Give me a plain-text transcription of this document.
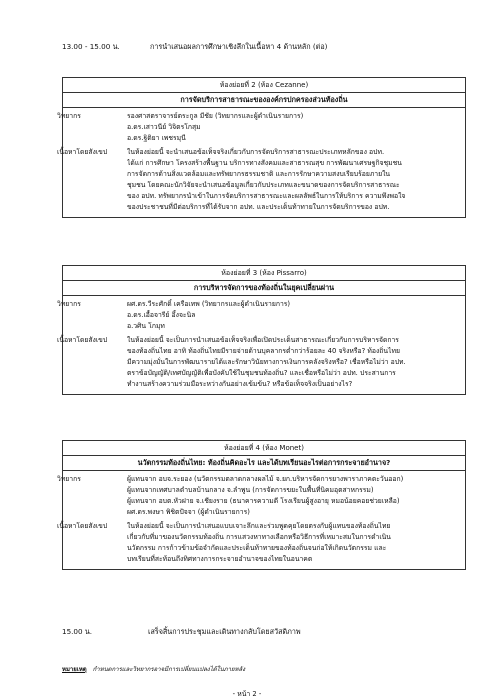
13.00 - 15.00 น.	การนำเสนอผลการศึกษาเชิงลึกในเนื้อหา 4 ด้านหลัก (ต่อ)
ห้องย่อยที่ 2 (ห้อง Cezanne)
การจัดบริการสาธารณะขององค์กรปกครองส่วนท้องถิ่น
วิทยากร	รองศาสตราจารย์ตระกูล มีชัย (วิทยากรและผู้ดำเนินรายการ)
อ.ดร.เสาวนีย์ วิจิตรโกสุม
อ.ดร.ฐิติยา เพชรมุนี
เนื้อหาโดยสังเขป	ในห้องย่อยนี้ จะนำเสนอข้อเท็จจริงเกี่ยวกับการจัดบริการสาธารณะประเภทหลักของ อปท.
ได้แก่ การศึกษา โครงสร้างพื้นฐาน บริการทางสังคมและสาธารณสุข การพัฒนาเศรษฐกิจชุมชน
การจัดการด้านสิ่งแวดล้อมและทรัพยากรธรรมชาติ และการรักษาความสงบเรียบร้อยภายใน
ชุมชน โดยคณะนักวิจัยจะนำเสนอข้อมูลเกี่ยวกับประเภทและขนาดของการจัดบริการสาธารณะ
ของ อปท. ทรัพยากรนำเข้าในการจัดบริการสาธารณะและผลลัพธ์ในการให้บริการ ความพึงพอใจ
ของประชาชนที่มีต่อบริการที่ได้รับจาก อปท. และประเด็นท้าทายในการจัดบริการของ อปท.
ห้องย่อยที่ 3 (ห้อง Pissarro)
การบริหารจัดการของท้องถิ่นในยุคเปลี่ยนผ่าน
วิทยากร	ผศ.ดร.วีระศักดิ์ เครือเทพ (วิทยากรและผู้ดำเนินรายการ)
อ.ดร.เอื้อจารีย์ อึ้งจะนิล
อ.วศิน โกมุท
เนื้อหาโดยสังเขป	ในห้องย่อยนี้ จะเป็นการนำเสนอข้อเท็จจริงเพื่อเปิดประเด็นสาธารณะเกี่ยวกับการบริหารจัดการ
ของท้องถิ่นไทย อาทิ ท้องถิ่นไทยมีรายจ่ายด้านบุคลากรต่ำกว่าร้อยละ 40 จริงหรือ? ท้องถิ่นไทย
มีความมุ่งมั่นในการพัฒนารายได้และรักษาวินัยทางการเงินการคลังจริงหรือ? เชื่อหรือไม่ว่า อปท.
ตราข้อบัญญัติ/เทศบัญญัติเพื่อบังคับใช้ในชุมชนท้องถิ่น? และเชื่อหรือไม่ว่า อปท. ประสานการ
ทำงานสร้างความร่วมมือระหว่างกันอย่างเข้มข้น? หรือข้อเท็จจริงเป็นอย่างไร?
ห้องย่อยที่ 4 (ห้อง Monet)
นวัตกรรมท้องถิ่นไทย: ท้องถิ่นคิดอะไร และได้บทเรียนอะไรต่อการกระจายอำนาจ?
วิทยากร	ผู้แทนจาก อบจ.ระยอง (นวัตกรรมตลาดกลางผลไม้ จ.ยก.บริหารจัดการยางพาราภาคตะวันออก)
ผู้แทนจากเทศบาลตำบลบ้านกลาง จ.ลำพูน (การจัดการขยะในพื้นที่นิคมอุตสาหกรรม)
ผู้แทนจาก อบต.หัวฝาย จ.เชียงราย (ธนาคารความดี โรงเรียนผู้สูงอายุ หมอน้อยคอยช่วยเหลือ)
ผศ.ดร.พงษา พิชิตปัจจา (ผู้ดำเนินรายการ)
เนื้อหาโดยสังเขป	ในห้องย่อยนี้ จะเป็นการนำเสนอแบบเจาะลึกและร่วมพูดคุยโดยตรงกับผู้แทนของท้องถิ่นไทย
เกี่ยวกับที่มาของนวัตกรรมท้องถิ่น การแสวงหาทางเลือกหรือวิธีการที่เหมาะสมในการดำเนิน
นวัตกรรม การก้าวข้ามข้อจำกัดและประเด็นท้าทายของท้องถิ่นจนก่อให้เกิดนวัตกรรม และ
บทเรียนที่สะท้อนถึงทิศทางการกระจายอำนาจของไทยในอนาคต
15.00 น.	เสร็จสิ้นการประชุมและเดินทางกลับโดยสวัสดิภาพ
หมายเหตุ กำหนดการและวิทยากรอาจมีการเปลี่ยนแปลงได้ในภายหลัง
- หน้า 2 -
